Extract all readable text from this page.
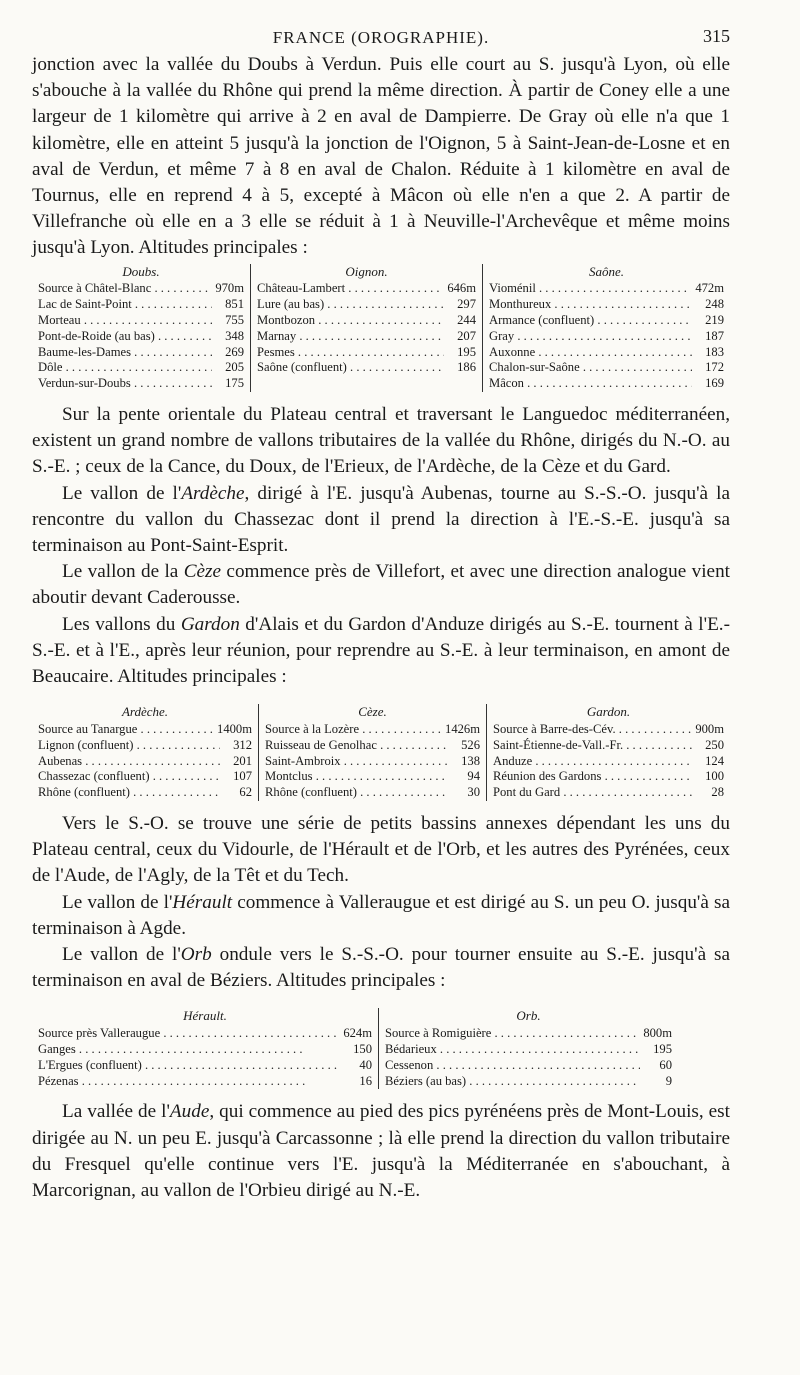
FRANCE (OROGRAPHIE).	315

jonction avec la vallée du Doubs à Verdun. Puis elle court au S. jusqu'à Lyon, où elle s'abouche à la vallée du Rhône qui prend la même direction. À partir de Coney elle a une largeur de 1 kilomètre qui arrive à 2 en aval de Dampierre. De Gray où elle n'a que 1 kilomètre, elle en atteint 5 jusqu'à la jonction de l'Oignon, 5 à Saint-Jean-de-Losne et en aval de Verdun, et même 7 à 8 en aval de Chalon. Réduite à 1 kilomètre en aval de Tournus, elle en reprend 4 à 5, excepté à Mâcon où elle n'en a que 2. A partir de Villefranche où elle en a 3 elle se réduit à 1 à Neuville-l'Archevêque et même moins jusqu'à Lyon. Altitudes principales :

Doubs.
Source à Châtel-Blanc . . .	970m
Lac de Saint-Point . . .	851
Morteau . . .	755
Pont-de-Roide (au bas) . . .	348
Baume-les-Dames . . .	269
Dôle . . .	205
Verdun-sur-Doubs . . .	175
Oignon.
Château-Lambert . . .	646m
Lure (au bas) . . .	297
Montbozon . . .	244
Marnay . . .	207
Pesmes . . .	195
Saône (confluent) . . .	186
Saône.
Vioménil . . .	472m
Monthureux . . .	248
Armance (confluent) . . .	219
Gray . . .	187
Auxonne . . .	183
Chalon-sur-Saône . . .	172
Mâcon . . .	169

Sur la pente orientale du Plateau central et traversant le Languedoc méditerranéen, existent un grand nombre de vallons tributaires de la vallée du Rhône, dirigés du N.-O. au S.-E. ; ceux de la Cance, du Doux, de l'Erieux, de l'Ardèche, de la Cèze et du Gard.

Le vallon de l'Ardèche, dirigé à l'E. jusqu'à Aubenas, tourne au S.-S.-O. jusqu'à la rencontre du vallon du Chassezac dont il prend la direction à l'E.-S.-E. jusqu'à sa terminaison au Pont-Saint-Esprit.

Le vallon de la Cèze commence près de Villefort, et avec une direction analogue vient aboutir devant Caderousse.

Les vallons du Gardon d'Alais et du Gardon d'Anduze dirigés au S.-E. tournent à l'E.-S.-E. et à l'E., après leur réunion, pour reprendre au S.-E. à leur terminaison, en amont de Beaucaire. Altitudes principales :

Ardèche.
Source au Tanargue . . .	1400m
Lignon (confluent) . . .	312
Aubenas . . .	201
Chassezac (confluent) . . .	107
Rhône (confluent) . . .	62
Cèze.
Source à la Lozère . . .	1426m
Ruisseau de Genolhac . . .	526
Saint-Ambroix . . .	138
Montclus . . .	94
Rhône (confluent) . . .	30
Gardon.
Source à Barre-des-Cév. . . .	900m
Saint-Étienne-de-Vall.-Fr. . . .	250
Anduze . . .	124
Réunion des Gardons . . .	100
Pont du Gard . . .	28

Vers le S.-O. se trouve une série de petits bassins annexes dépendant les uns du Plateau central, ceux du Vidourle, de l'Hérault et de l'Orb, et les autres des Pyrénées, ceux de l'Aude, de l'Agly, de la Têt et du Tech.

Le vallon de l'Hérault commence à Valleraugue et est dirigé au S. un peu O. jusqu'à sa terminaison à Agde.

Le vallon de l'Orb ondule vers le S.-S.-O. pour tourner ensuite au S.-E. jusqu'à sa terminaison en aval de Béziers. Altitudes principales :

Hérault.
Source près Valleraugue . . .	624m
Ganges . . .	150
L'Ergues (confluent) . . .	40
Pézenas . . .	16
Orb.
Source à Romiguière . . .	800m
Bédarieux . . .	195
Cessenon . . .	60
Béziers (au bas) . . .	9

La vallée de l'Aude, qui commence au pied des pics pyrénéens près de Mont-Louis, est dirigée au N. un peu E. jusqu'à Carcassonne ; là elle prend la direction du vallon tributaire du Fresquel qu'elle continue vers l'E. jusqu'à la Méditerranée en s'abouchant, à Marcorignan, au vallon de l'Orbieu dirigé au N.-E.
